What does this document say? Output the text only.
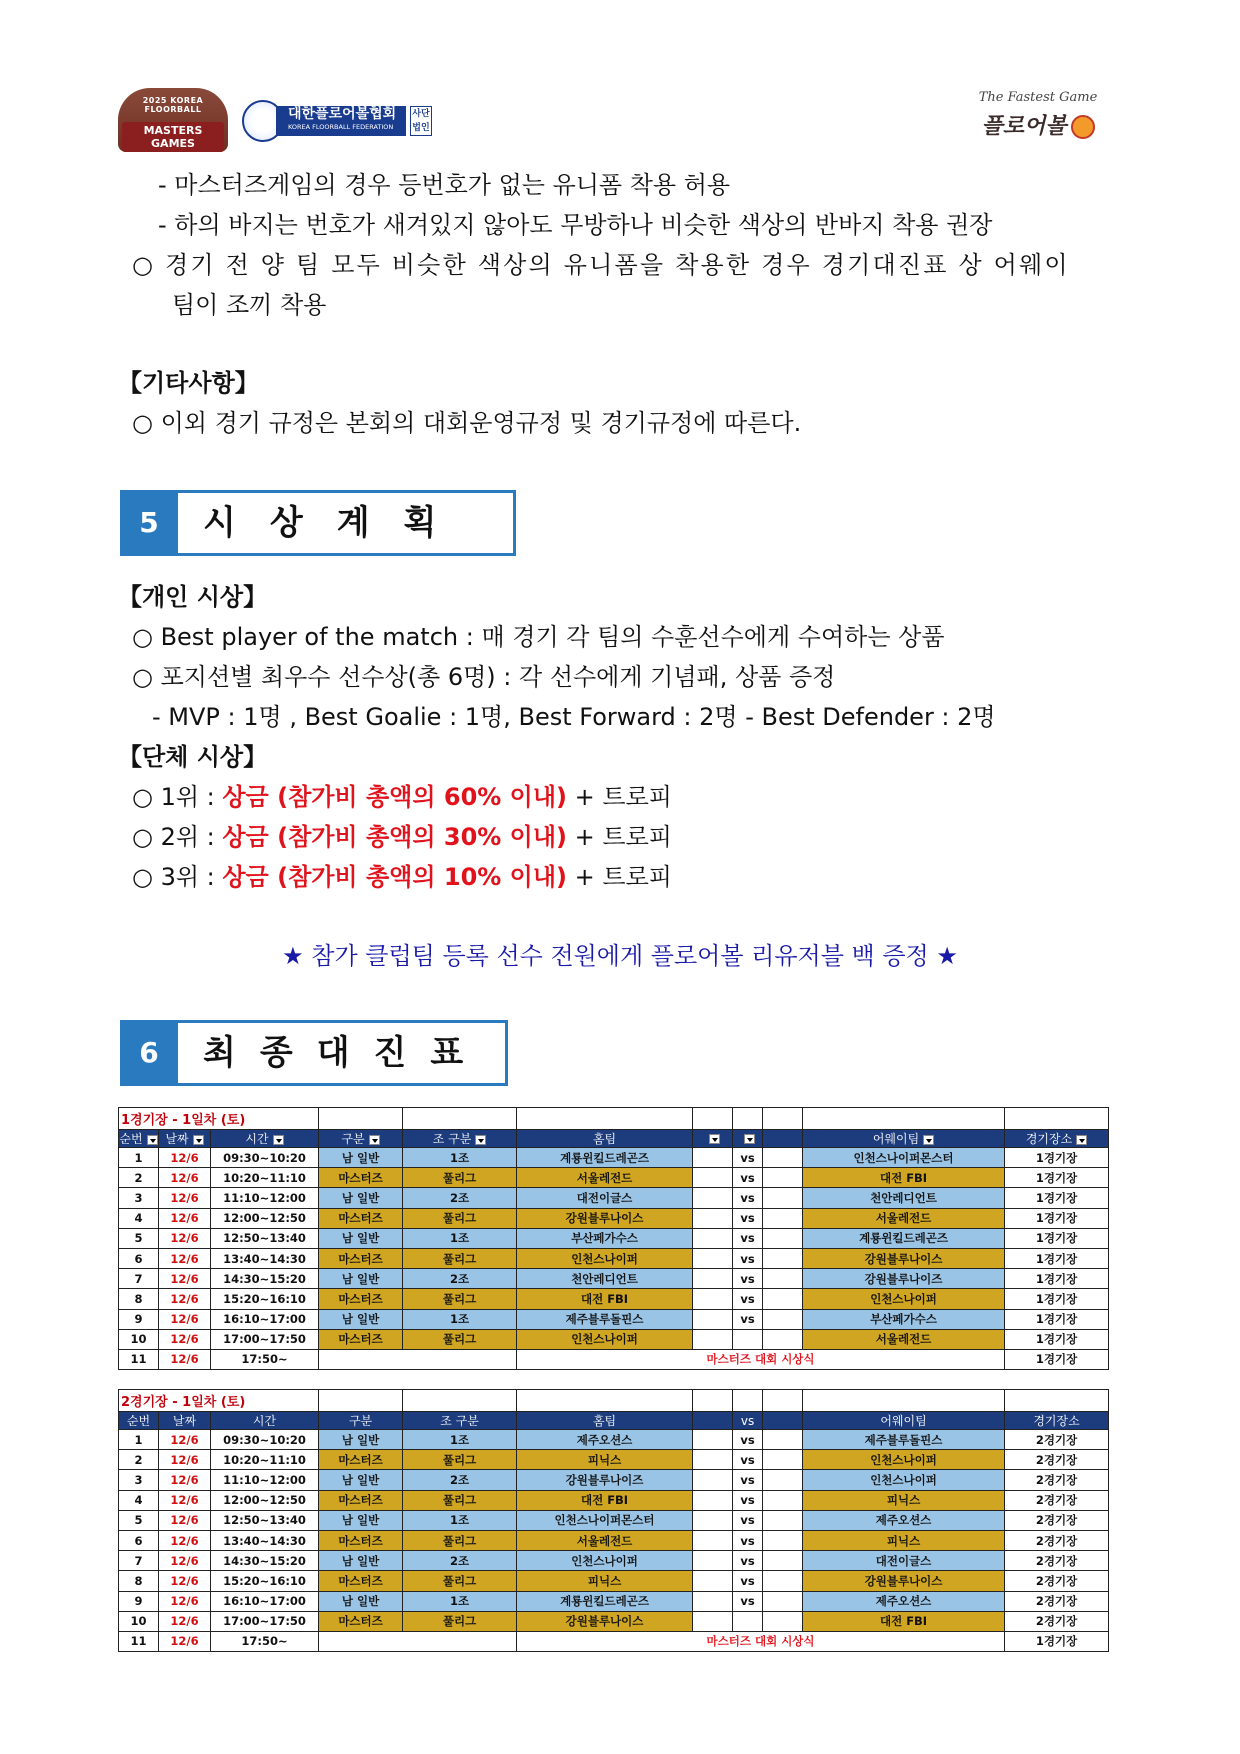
2025 KOREA FLOORBALL
MASTERS GAMES
대한플로어볼협회
KOREA FLOORBALL FEDERATION
사단법인
The Fastest Game
플로어볼
- 마스터즈게임의 경우 등번호가 없는 유니폼 착용 허용
- 하의 바지는 번호가 새겨있지 않아도 무방하나 비슷한 색상의 반바지 착용 권장
○ 경기 전 양 팀 모두 비슷한 색상의 유니폼을 착용한 경우 경기대진표 상 어웨이
팀이 조끼 착용
【기타사항】
○ 이외 경기 규정은 본회의 대회운영규정 및 경기규정에 따른다.
5	시상계획
【개인 시상】
○ Best player of the match : 매 경기 각 팀의 수훈선수에게 수여하는 상품
○ 포지션별 최우수 선수상(총 6명) : 각 선수에게 기념패, 상품 증정
- MVP : 1명 , Best Goalie : 1명, Best Forward : 2명 - Best Defender : 2명
【단체 시상】
○ 1위 : 상금 (참가비 총액의 60% 이내) + 트로피
○ 2위 : 상금 (참가비 총액의 30% 이내) + 트로피
○ 3위 : 상금 (참가비 총액의 10% 이내) + 트로피
★ 참가 클럽팀 등록 선수 전원에게 플로어볼 리유저블 백 증정 ★
6	최종대진표
1경기장 - 1일차 (토)										
순번	날짜	시간	구분	조 구분	홈팀				어웨이팀	경기장소
1	12/6	09:30~10:20	남 일반	1조	계룡윈킬드레곤즈		vs		인천스나이퍼몬스터	1경기장
2	12/6	10:20~11:10	마스터즈	풀리그	서울레전드		vs		대전 FBI	1경기장
3	12/6	11:10~12:00	남 일반	2조	대전이글스		vs		천안레디언트	1경기장
4	12/6	12:00~12:50	마스터즈	풀리그	강원블루나이스		vs		서울레전드	1경기장
5	12/6	12:50~13:40	남 일반	1조	부산페가수스		vs		계룡윈킬드레곤즈	1경기장
6	12/6	13:40~14:30	마스터즈	풀리그	인천스나이퍼		vs		강원블루나이스	1경기장
7	12/6	14:30~15:20	남 일반	2조	천안레디언트		vs		강원블루나이즈	1경기장
8	12/6	15:20~16:10	마스터즈	풀리그	대전 FBI		vs		인천스나이퍼	1경기장
9	12/6	16:10~17:00	남 일반	1조	제주블루돌핀스		vs		부산페가수스	1경기장
10	12/6	17:00~17:50	마스터즈	풀리그	인천스나이퍼				서울레전드	1경기장
11	12/6	17:50~			마스터즈 대회 시상식					1경기장
2경기장 - 1일차 (토)										
순번	날짜	시간	구분	조 구분	홈팀		vs		어웨이팀	경기장소
1	12/6	09:30~10:20	남 일반	1조	제주오션스		vs		제주블루돌핀스	2경기장
2	12/6	10:20~11:10	마스터즈	풀리그	피닉스		vs		인천스나이퍼	2경기장
3	12/6	11:10~12:00	남 일반	2조	강원블루나이즈		vs		인천스나이퍼	2경기장
4	12/6	12:00~12:50	마스터즈	풀리그	대전 FBI		vs		피닉스	2경기장
5	12/6	12:50~13:40	남 일반	1조	인천스나이퍼몬스터		vs		제주오션스	2경기장
6	12/6	13:40~14:30	마스터즈	풀리그	서울레전드		vs		피닉스	2경기장
7	12/6	14:30~15:20	남 일반	2조	인천스나이퍼		vs		대전이글스	2경기장
8	12/6	15:20~16:10	마스터즈	풀리그	피닉스		vs		강원블루나이스	2경기장
9	12/6	16:10~17:00	남 일반	1조	계룡윈킬드레곤즈		vs		제주오션스	2경기장
10	12/6	17:00~17:50	마스터즈	풀리그	강원블루나이스				대전 FBI	2경기장
11	12/6	17:50~			마스터즈 대회 시상식					1경기장
